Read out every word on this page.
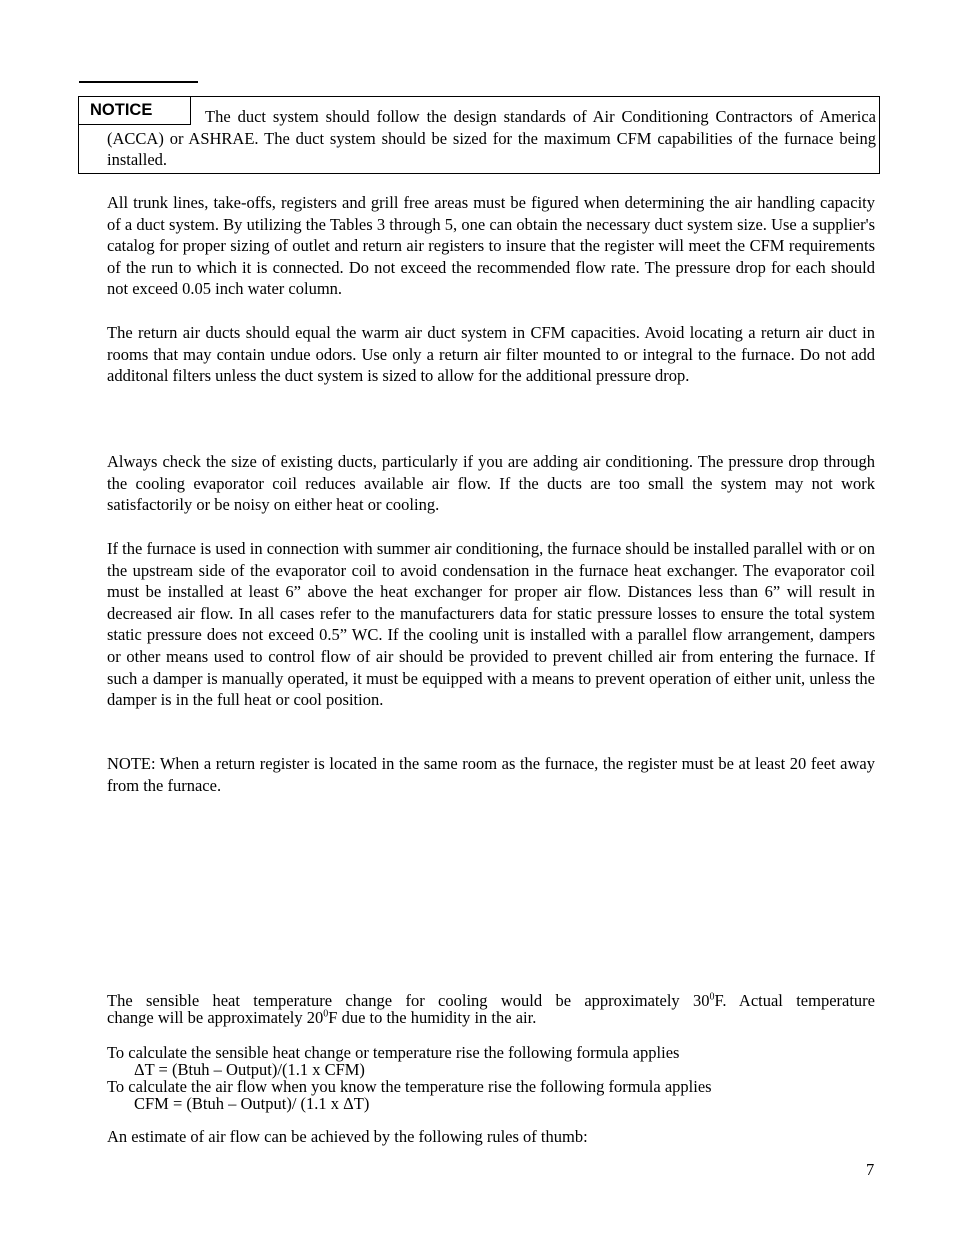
NOTICE	The duct system should follow the design standards of Air Conditioning Contractors of America (ACCA) or ASHRAE. The duct system should be sized for the maximum CFM capabilities of the furnace being installed.

All trunk lines, take-offs, registers and grill free areas must be figured when determining the air handling capacity of a duct system. By utilizing the Tables 3 through 5, one can obtain the necessary duct system size. Use a supplier's catalog for proper sizing of outlet and return air registers to insure that the register will meet the CFM requirements of the run to which it is connected. Do not exceed the recommended flow rate. The pressure drop for each should not exceed 0.05 inch water column.

The return air ducts should equal the warm air duct system in CFM capacities. Avoid locating a return air duct in rooms that may contain undue odors. Use only a return air filter mounted to or integral to the furnace. Do not add additonal filters unless the duct system is sized to allow for the additional pressure drop.

Always check the size of existing ducts, particularly if you are adding air conditioning. The pressure drop through the cooling evaporator coil reduces available air flow. If the ducts are too small the system may not work satisfactorily or be noisy on either heat or cooling.

If the furnace is used in connection with summer air conditioning, the furnace should be installed parallel with or on the upstream side of the evaporator coil to avoid condensation in the furnace heat exchanger. The evaporator coil must be installed at least 6” above the heat exchanger for proper air flow. Distances less than 6” will result in decreased air flow. In all cases refer to the manufacturers data for static pressure losses to ensure the total system static pressure does not exceed 0.5” WC. If the cooling unit is installed with a parallel flow arrangement, dampers or other means used to control flow of air should be provided to prevent chilled air from entering the furnace. If such a damper is manually operated, it must be equipped with a means to prevent operation of either unit, unless the damper is in the full heat or cool position.

NOTE: When a return register is located in the same room as the furnace, the register must be at least 20 feet away from the furnace.

The sensible heat temperature change for cooling would be approximately $30^0F$. Actual temperature
change will be approximately $20^0F$ due to the humidity in the air.
To calculate the sensible heat change or temperature rise the following formula applies
ΔT = (Btuh – Output)/(1.1 x CFM)
To calculate the air flow when you know the temperature rise the following formula applies
CFM = (Btuh – Output)/ (1.1 x ΔT)

An estimate of air flow can be achieved by the following rules of thumb:

7
